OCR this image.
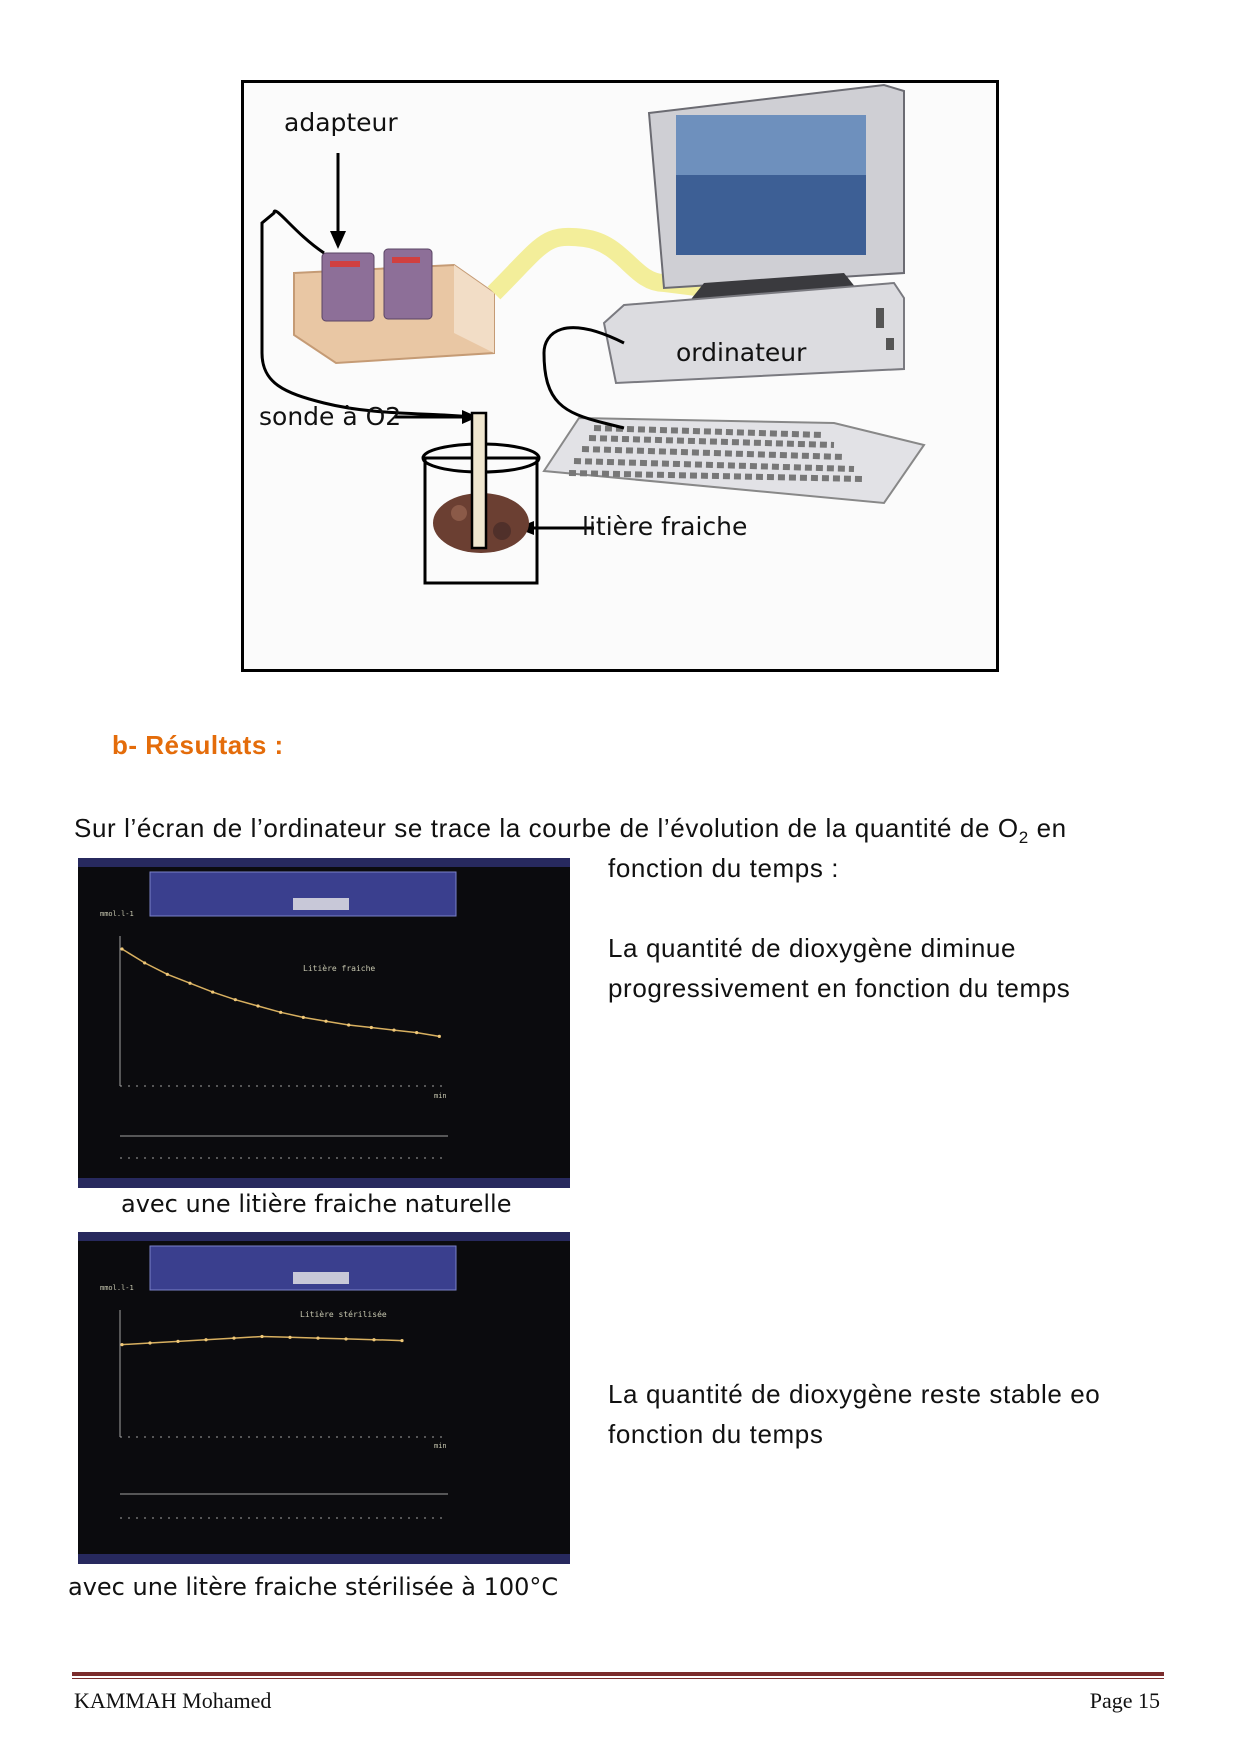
adapteur
ordinateur
sonde à O2
litière fraiche
b- Résultats :
Sur l’écran de l’ordinateur se trace la courbe de l’évolution de la quantité de $O_2$ en
fonction du temps :
La quantité de dioxygène diminue
progressivement en fonction du temps
La quantité de dioxygène reste stable eo
fonction du temps
Litière fraiche
mmol.l-1
min
avec une litière fraiche naturelle
Litière stérilisée
mmol.l-1
min
avec une litère fraiche stérilisée à 100°C
KAMMAH Mohamed	Page 15
